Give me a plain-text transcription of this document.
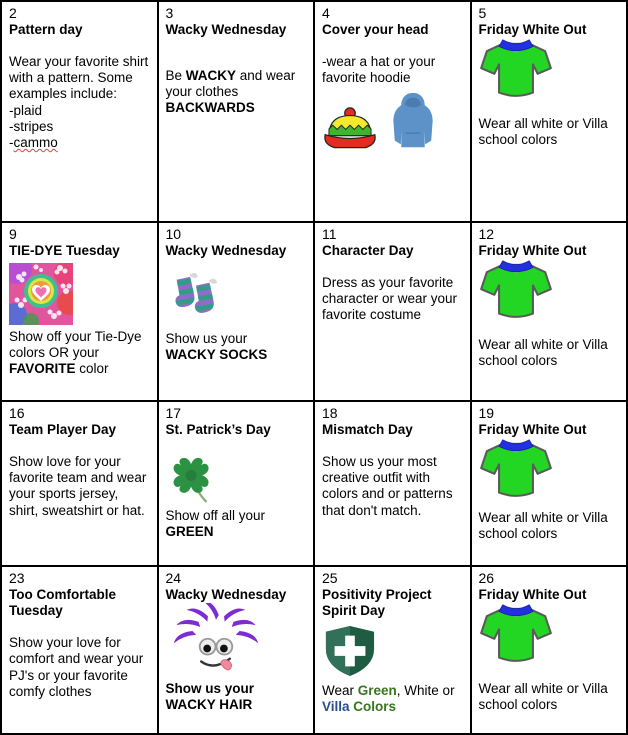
2
Pattern day
Wear your favorite shirt with a pattern. Some examples include:
-plaid
-stripes
-cammo
3
Wacky Wednesday
Be WACKY and wear your clothes
BACKWARDS
4
Cover your head
-wear a hat or your favorite hoodie
5
Friday White Out
Wear all white or Villa school colors
9
TIE-DYE Tuesday
Show off your Tie-Dye colors OR your FAVORITE color
10
Wacky Wednesday
Show us your
WACKY SOCKS
11
Character Day
Dress as your favorite character or wear your favorite costume
12
Friday White Out
Wear all white or Villa school colors
16
Team Player Day
Show love for your favorite team and wear your sports jersey, shirt, sweatshirt or hat.
17
St. Patrick’s Day
Show off all your
GREEN
18
Mismatch Day
Show us your most creative outfit with colors and or patterns that don't match.
19
Friday White Out
Wear all white or Villa school colors
23
Too Comfortable Tuesday
Show your love for comfort and wear your PJ's or your favorite comfy clothes
24
Wacky Wednesday
Show us your
WACKY HAIR
25
Positivity Project Spirit Day
Wear Green, White or Villa Colors
26
Friday White Out
Wear all white or Villa school colors
